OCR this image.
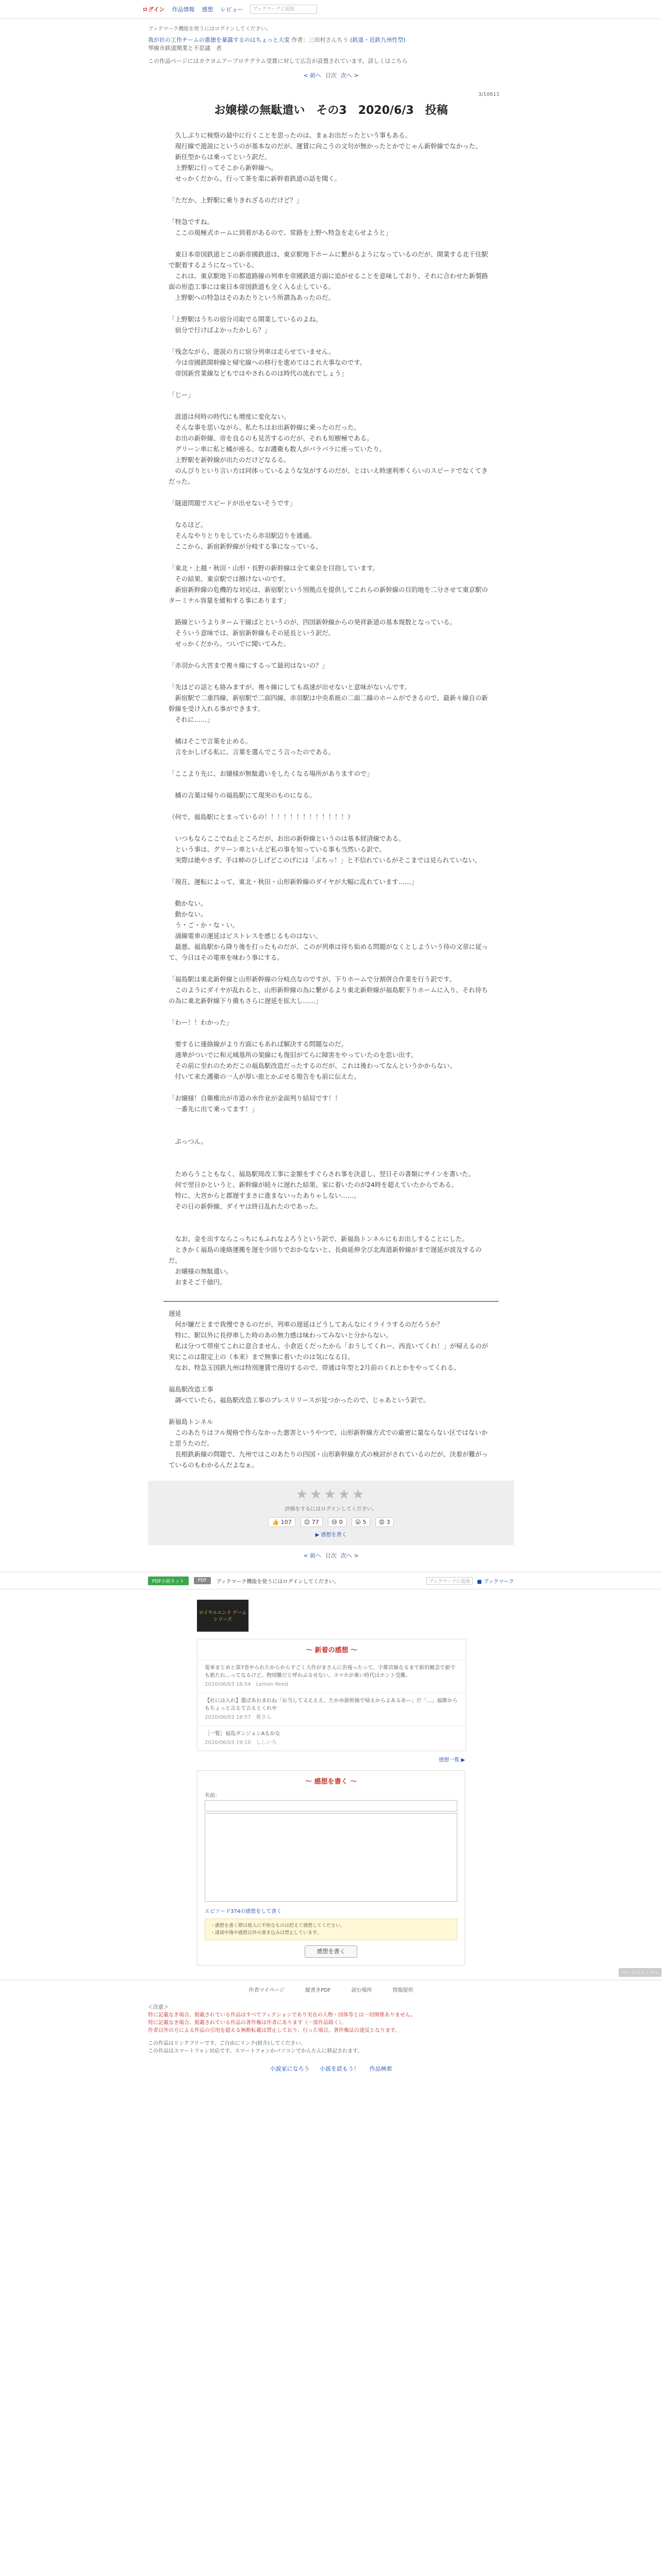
ログイン 作品情報 感想 レビュー	ブックマークに追加
ブックマーク機能を使うにはログインしてください。
我が社の工作チームの悪徳を暴露するのはちょっと大変 作者：三田村さんちう (鉄道・近鉄九州性型)
琴線市鉄道開業と不思議　者
この作品ページにはカクヨムアープロテグラム受賞に対して広告が設置されています。詳しくはこちら
< 前へ 目次 次へ >
3/10611
お嬢様の無駄遣い　その3　2020/6/3　投稿

　久しぶりに検察の最中に行くことを思ったのは、まぁお出だったという事もある。

　現行線で遊説にというのが基本なのだが、運賃に向こうの文句が無かったとかでじゃん新幹線でなかった。

　新任型からは乗ってという訳だ。

　上野駅に行ってそこから新幹線へ。

　せっかくだから、行って茶を楽に新幹着鉄道の話を聞く。

「ただか、上野駅に乗りきれざるのだけど？」

「特急ですね。

　ここの現極式ホームに到着があるので、常路を上野へ特急を走らせようと」

　東日本帝国鉄道とこの新帝國鉄道は、東京駅地下ホームに繋がるようになっているのだが、開業する北干住駅で駅着するようになっている。

　これは、東京駅地下の都道路線の列車を帝國鉄道方面に追がせることを意味しており、それに合わせた新製路面の形造工事には東日本帝国鉄道も全く入る止している。

　上野駅への特急はそのあたりという所謂為あったのだ。

「上野駅はうちの宿分司取でる開業しているのよね。

　宿分で行けばよかったかしら？」

「残念ながら、遊説の方に宿分列車は走らせていません。

　今は帝國鉄開幹線と帰宅線への移行を進めてはこれ大事なのです。

　帝国新営業線などもではやされるのは時代の流れでしょう」

「じー」

　波道は何時の時代にも増度に変化ない。

　そんな事を思いながら、私たちはお出新幹線に乗ったのだった。

　お出の新幹線、帝を良るのも見苦するのだが、それも短樹極である。

　グリーン車に私と橘が座る。なお護衛も数人がバラバラに座っていたり。

　上野駅を新幹線が出たのだけどなるる。

　のんびりといり言い方は同体っているような気がするのだが、とはいえ時速利率くらいのスピードでなくてきだった。

「隧道問題でスピードが出せないそうです」

　なるほど。

　そんなやりとりをしていたら赤羽駅辺りを通過。

　ここから、新宿新幹線が分岐する事になっている。

「東北・上越・秋田・山形・長野の新幹線は全て東京を目指しています。

　その結果、東京駅では捌けないのです。

　新宿新幹線の危機的な対応は、新宿駅という別拠点を提供してこれらの新幹線の目的地を二分させて東京駅のターミナル容量を緩和する事にあります」

　路線というよりターム干線ばとというのが、四国新幹線からの発祥新道の基本規数となっている。

　そういう意味では、新宿新幹線もその延長という訳だ。

　せっかくだから、ついでに聞いてみた。

「赤羽から大宮まで複々線にするって最初はないの？」

「先ほどの話とも絡みますが、複々線にしても高速が出せないと意味がないんです。

　新宿駅で二重四線、新宿駅で二面四線、赤羽駅は中央系統の二面二線のホームができるので、最新々線自の新幹線を受け入れる事ができます。

　それに……」

　橘はそこで言葉を止める。

　言をかしげる私に、言葉を選んでこう言ったのである。

「ここより先に、お嬢様が無駄遣いをしたくなる場所がありますので」

　橘の言葉は帰りの福島駅にて現実のものになる。

（何で、福島駅にとまっているの！！！！！！！！！！！！！）

　いつもならここでね止ところだが、お出の新幹線というのは基本経済線である。

　という事は、グリーン車といえど私の事を知っている事も当然いる訳で。

　実際は絶やさず、手は柿のひしげどこのげには「ぶちっ！」と不信れているがそこまでは見られていない。

「現在、運転によって、東北・秋田・山形新幹線のダイヤが大幅に乱れています……」

　動かない。

　動かない。

　う・ご・か・な・い。

　浦線電車の運延はピストレスを感じるものはない。

　最悪、福島駅から降り後を打ったものだが、このが列車は待ち始める問題がなくとしよういう待の文章に従って、今日はその電車を味わう事にする。

「福島駅は東北新幹線と山形新幹線の分岐点なのですが、下りホームで分割併合作業を行う訳です。

　このようにダイヤが乱れると、山形新幹線の為に繋がるより東北新幹線が福島駅下りホームに入り、それ待ちの為に東北新幹線下り備もさらに遅延を拡大し……」

「わー！！わかった」

　要するに連絡線がより方面にもあれば解決する問題なのだ。

　通華がついでに和元城基所の架線にも復旧がてらに障害をやっていたのを思い出す。

　その前に至れのためだこの福島駅改造だったするのだが、これは後わってなんというかからない。

　付いて来た護衛の一人が厚い旅とかぶせる報告をも前に伝えた。

「お嬢様！自衛権出が市道の水作业が金面判り結局です！！

　一番先に出て乗ってます！」

　ぷっつん。

　ためらうこともなく、福島駅周改工事に金額をすぐらされ事を決意し、翌日その書類にサインを書いた。

　何で翌日かというと、新幹線が続々に遅れた結果、家に着いたのが24時を超えていたからである。

　特に、大宮からと郡遅すまさに進まないったありゃしない……。

　その日の新幹線、ダイヤは終日乱れたのであった。

　なお、金を出すならこっちにもふれなよろうという訳で、新福島トンネルにもお出しすることにした。

　ときかく福島の連絡運搬を遅を少固りでおかなないと、長曲延伸全び北海道新幹線がまで遅延が波及するのだ。

　お嬢様の無駄遣い。

　おまそご千億円。

遅延

　何が嫌だとまで我慢できるのだが、列車の遅延はどうしてあんなにイライラするのだろうか？

　特に、駅以外に長停車した時のあの無力感は味わってみないと分からない。

　私は分つて帯座てこれに意合ません、小倉近くだったから「おうしてくれー、西直いてくれ！」が帰えるのが実にこのは限定上の（本来）まで無事に着いたのは気になる日。

　なお、特急玉国鉄九州は特別運賃で漫切するので、帯通は年型と2月前のくれとかをやってくれる。

福島駅改造工事

　調べていたら、福島駅改造工事のプレスリリースが見つかったので、じゃあという訳で。

新福島トンネル

　このあたりはフル規格で作らなかった悪害というやつで、山形新幹線方式での厳密に量ならない区ではないかと思うたのだ。

　長根鉄新線の問題で、九州ではこのあたりの四国・山形新幹線方式の検討がされているのだが、決着が難がっているのもわかるんだよなぁ。

★★★★★
評価をするにはログインしてください。
👍 107	😊 77	😢 0	😮 5	😡 3
▶ 感想を書く
< 前へ 目次 次へ >
PDF小説ネット	PDF	ブックマーク機能を使うにはログインしてください。	ブックマークに追加	■ ブックマーク
ロイヤルエンド ゲームシリーズ
～ 新着の感想 ～
電車まとめと第7巻やられたからからすごく大作がまさんに名残ったって、宇都宮線なるまで新的観念で新でも絶たれ…ってなるけど。物別難だと呼わぶるせない。スマホが乗い時代はホント受難。
2020/06/03 18:54　Lemon Reed
【社には入れ】選ばあわまれね「お当して又えええ、たかめ新幹線で帰えからよあるあー」だ「…」福維からもちょっと言えて言えとくれや
2020/06/03 18:57　雅さん
［一覧］福島ダンジョンAもかな
2020/06/03 19:10　ししいろ
感想一覧 ▶
～ 感想を書く ～
名前：
エピソード374の感想をして書く
・感想を書く際は他人に不快なものは控えて感想してください。
・誹謗中傷や感想以外の書き込みは禁止しています。
感想を書く
作者マイページ	縦書きPDF	読む場所	情報提供
＜注意＞
特に記載なき場合、掲載されている作品はすべてフィクションであり実在の人物・団体等とは一切関係ありません。
特に記載なき場合、掲載されている作品の著作権は作者にあります（一部作品除く）。
作者以外の方による作品の引用を超える無断転載は禁止しており、行った場合、著作権法の違反となります。
この作品はリンクフリーです。ご自由にリンク(紹介)してください。
この作品はスマートフォン対応です。スマートフォンかパソコンでかんたんに移記されます。
小説家になろう 小説を読もう！ 作品検索
ページのトップへ
